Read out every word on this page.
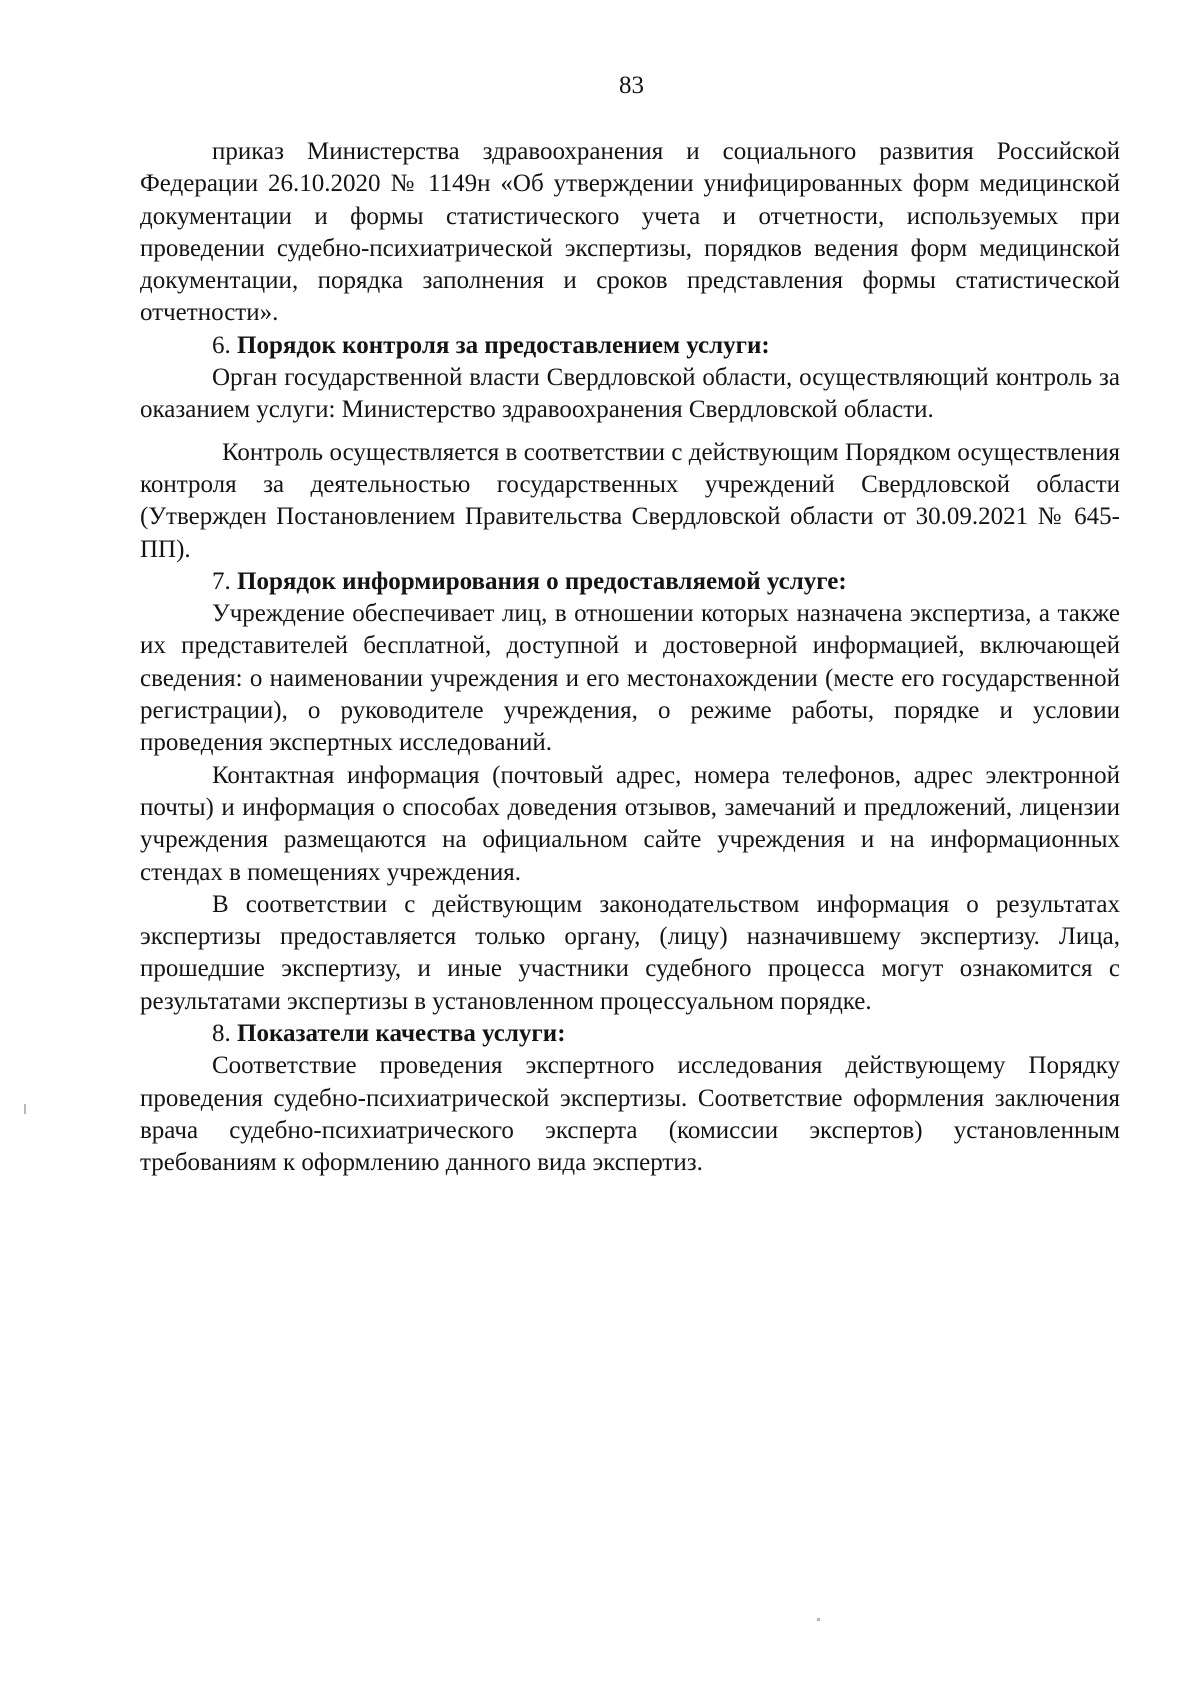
83

приказ Министерства здравоохранения и социального развития Российской Федерации 26.10.2020 № 1149н «Об утверждении унифицированных форм медицинской документации и формы статистического учета и отчетности, используемых при проведении судебно-психиатрической экспертизы, порядков ведения форм медицинской документации, порядка заполнения и сроков представления формы статистической отчетности».

6. Порядок контроля за предоставлением услуги:

Орган государственной власти Свердловской области, осуществляющий контроль за оказанием услуги: Министерство здравоохранения Свердловской области.

Контроль осуществляется в соответствии с действующим Порядком осуществления контроля за деятельностью государственных учреждений Свердловской области (Утвержден Постановлением Правительства Свердловской области от 30.09.2021 № 645-ПП).

7. Порядок информирования о предоставляемой услуге:

Учреждение обеспечивает лиц, в отношении которых назначена экспертиза, а также их представителей бесплатной, доступной и достоверной информацией, включающей сведения: о наименовании учреждения и его местонахождении (месте его государственной регистрации), о руководителе учреждения, о режиме работы, порядке и условии проведения экспертных исследований.

Контактная информация (почтовый адрес, номера телефонов, адрес электронной почты) и информация о способах доведения отзывов, замечаний и предложений, лицензии учреждения размещаются на официальном сайте учреждения и на информационных стендах в помещениях учреждения.

В соответствии с действующим законодательством информация о результатах экспертизы предоставляется только органу, (лицу) назначившему экспертизу. Лица, прошедшие экспертизу, и иные участники судебного процесса могут ознакомится с результатами экспертизы в установленном процессуальном порядке.

8. Показатели качества услуги:

Соответствие проведения экспертного исследования действующему Порядку проведения судебно-психиатрической экспертизы. Соответствие оформления заключения врача судебно-психиатрического эксперта (комиссии экспертов) установленным требованиям к оформлению данного вида экспертиз.
